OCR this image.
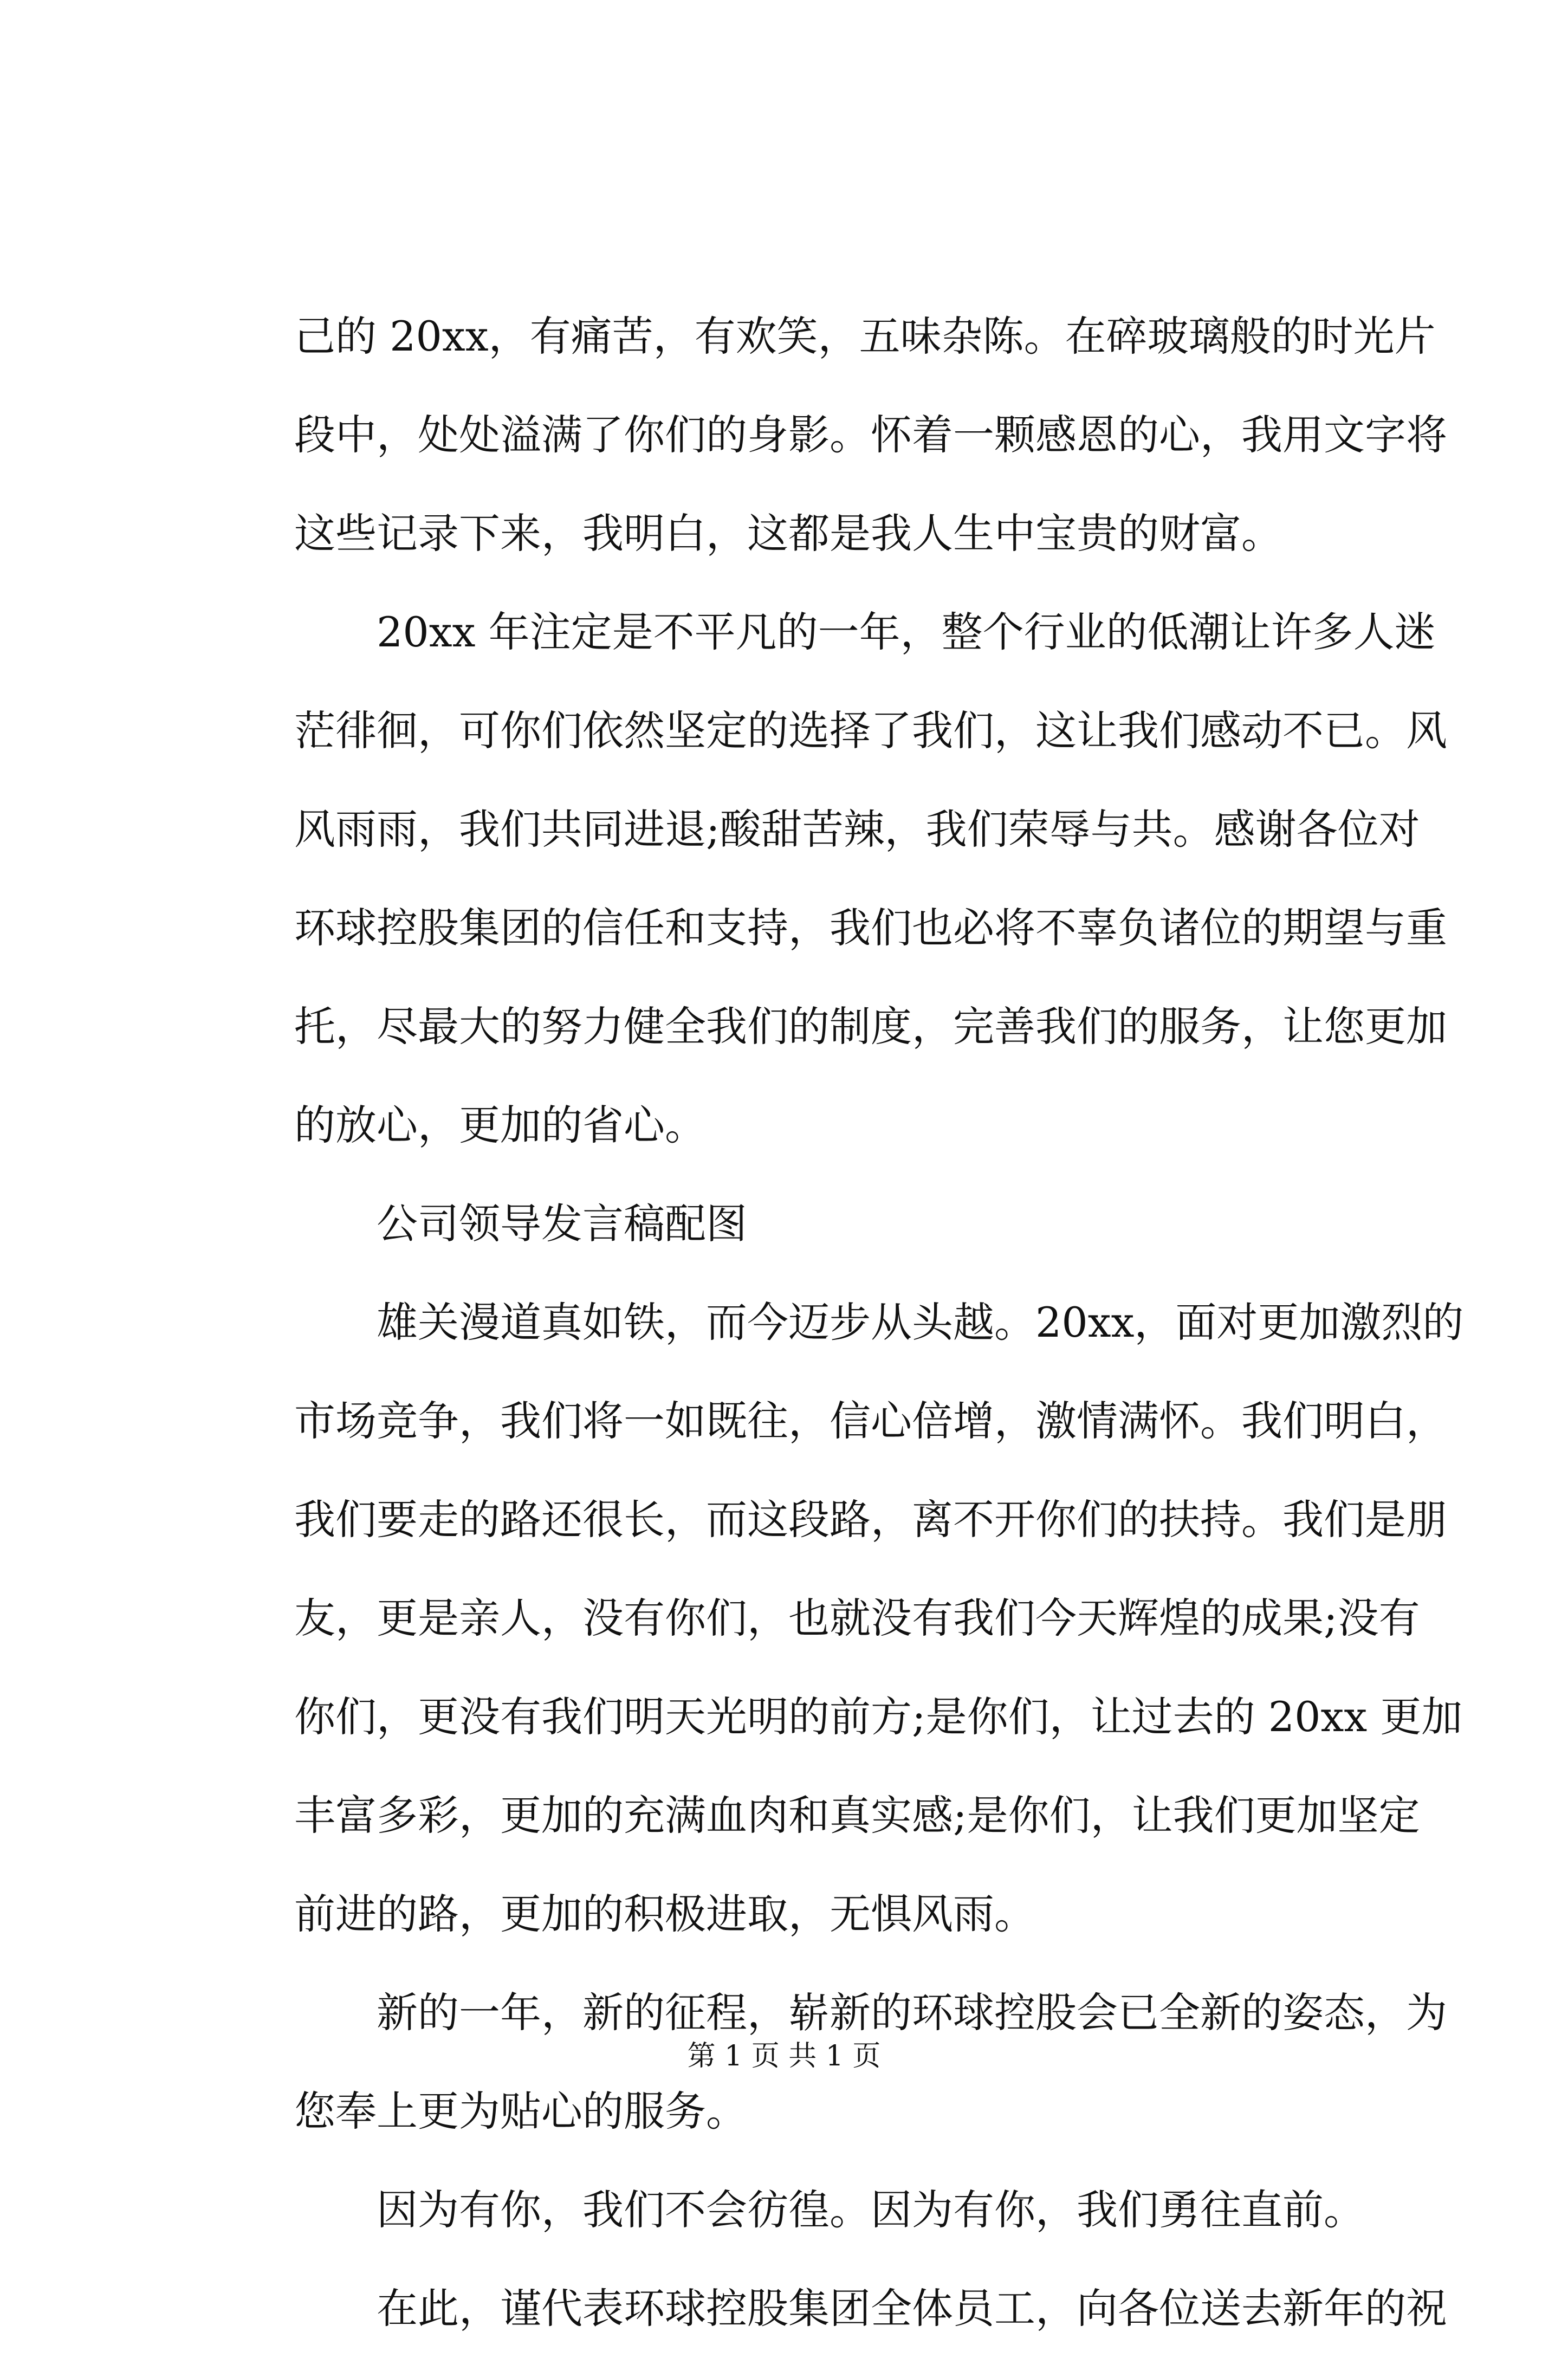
己的 20xx，有痛苦，有欢笑，五味杂陈。在碎玻璃般的时光片
段中，处处溢满了你们的身影。怀着一颗感恩的心，我用文字将
这些记录下来，我明白，这都是我人生中宝贵的财富。
20xx 年注定是不平凡的一年，整个行业的低潮让许多人迷
茫徘徊，可你们依然坚定的选择了我们，这让我们感动不已。风
风雨雨，我们共同进退;酸甜苦辣，我们荣辱与共。感谢各位对
环球控股集团的信任和支持，我们也必将不辜负诸位的期望与重
托，尽最大的努力健全我们的制度，完善我们的服务，让您更加
的放心，更加的省心。
公司领导发言稿配图
雄关漫道真如铁，而今迈步从头越。20xx，面对更加激烈的
市场竞争，我们将一如既往，信心倍增，激情满怀。我们明白，
我们要走的路还很长，而这段路，离不开你们的扶持。我们是朋
友，更是亲人，没有你们，也就没有我们今天辉煌的成果;没有
你们，更没有我们明天光明的前方;是你们，让过去的 20xx 更加
丰富多彩，更加的充满血肉和真实感;是你们，让我们更加坚定
前进的路，更加的积极进取，无惧风雨。
新的一年，新的征程，崭新的环球控股会已全新的姿态，为
您奉上更为贴心的服务。
因为有你，我们不会彷徨。因为有你，我们勇往直前。
在此，谨代表环球控股集团全体员工，向各位送去新年的祝
第 1 页 共 1 页
